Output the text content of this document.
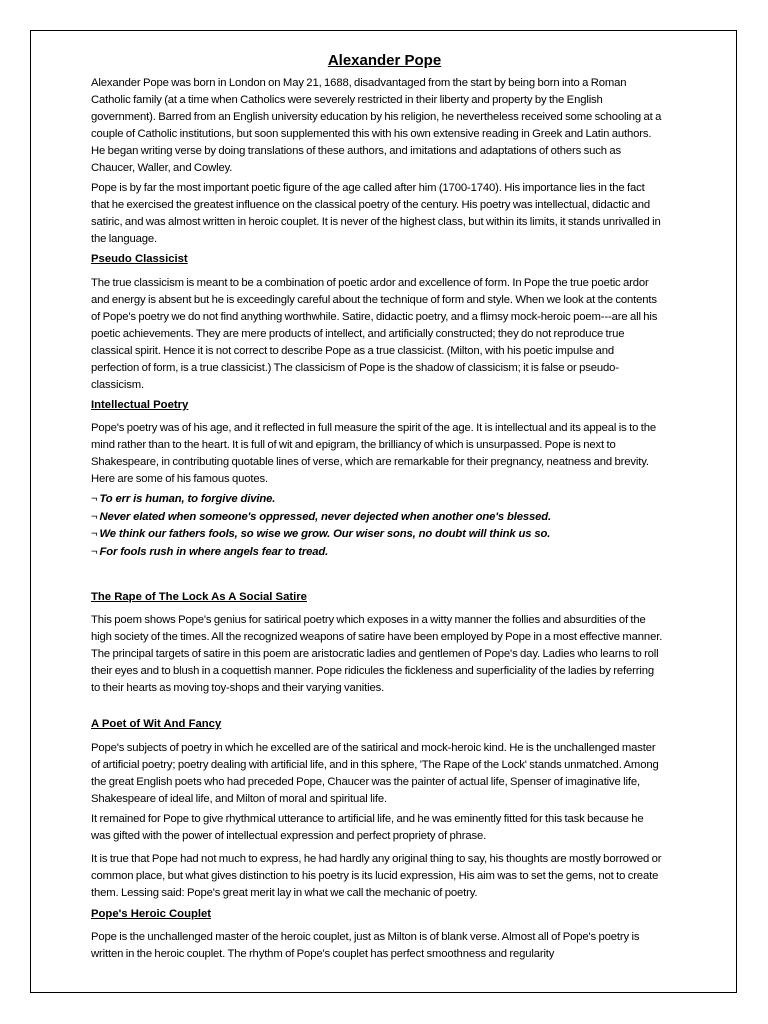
Alexander Pope

Alexander Pope was born in London on May 21, 1688, disadvantaged from the start by being born into a Roman Catholic family (at a time when Catholics were severely restricted in their liberty and property by the English government). Barred from an English university education by his religion, he nevertheless received some schooling at a couple of Catholic institutions, but soon supplemented this with his own extensive reading in Greek and Latin authors. He began writing verse by doing translations of these authors, and imitations and adaptations of others such as Chaucer, Waller, and Cowley.

Pope is by far the most important poetic figure of the age called after him (1700-1740). His importance lies in the fact that he exercised the greatest influence on the classical poetry of the century. His poetry was intellectual, didactic and satiric, and was almost written in heroic couplet. It is never of the highest class, but within its limits, it stands unrivalled in the language.

Pseudo Classicist

The true classicism is meant to be a combination of poetic ardor and excellence of form. In Pope the true poetic ardor and energy is absent but he is exceedingly careful about the technique of form and style. When we look at the contents of Pope's poetry we do not find anything worthwhile. Satire, didactic poetry, and a flimsy mock-heroic poem---are all his poetic achievements. They are mere products of intellect, and artificially constructed; they do not reproduce true classical spirit. Hence it is not correct to describe Pope as a true classicist. (Milton, with his poetic impulse and perfection of form, is a true classicist.) The classicism of Pope is the shadow of classicism; it is false or pseudo-classicism.

Intellectual Poetry

Pope's poetry was of his age, and it reflected in full measure the spirit of the age. It is intellectual and its appeal is to the mind rather than to the heart. It is full of wit and epigram, the brilliancy of which is unsurpassed. Pope is next to Shakespeare, in contributing quotable lines of verse, which are remarkable for their pregnancy, neatness and brevity. Here are some of his famous quotes.

¬ To err is human, to forgive divine.
¬ Never elated when someone's oppressed, never dejected when another one's blessed.
¬ We think our fathers fools, so wise we grow. Our wiser sons, no doubt will think us so.
¬ For fools rush in where angels fear to tread.

The Rape of The Lock As A Social Satire

This poem shows Pope's genius for satirical poetry which exposes in a witty manner the follies and absurdities of the high society of the times. All the recognized weapons of satire have been employed by Pope in a most effective manner. The principal targets of satire in this poem are aristocratic ladies and gentlemen of Pope's day. Ladies who learns to roll their eyes and to blush in a coquettish manner. Pope ridicules the fickleness and superficiality of the ladies by referring to their hearts as moving toy-shops and their varying vanities.

A Poet of Wit And Fancy

Pope's subjects of poetry in which he excelled are of the satirical and mock-heroic kind. He is the unchallenged master of artificial poetry; poetry dealing with artificial life, and in this sphere, 'The Rape of the Lock' stands unmatched. Among the great English poets who had preceded Pope, Chaucer was the painter of actual life, Spenser of imaginative life, Shakespeare of ideal life, and Milton of moral and spiritual life.

It remained for Pope to give rhythmical utterance to artificial life, and he was eminently fitted for this task because he was gifted with the power of intellectual expression and perfect propriety of phrase.

It is true that Pope had not much to express, he had hardly any original thing to say, his thoughts are mostly borrowed or common place, but what gives distinction to his poetry is its lucid expression, His aim was to set the gems, not to create them. Lessing said: Pope's great merit lay in what we call the mechanic of poetry.

Pope's Heroic Couplet

Pope is the unchallenged master of the heroic couplet, just as Milton is of blank verse. Almost all of Pope's poetry is written in the heroic couplet. The rhythm of Pope's couplet has perfect smoothness and regularity
